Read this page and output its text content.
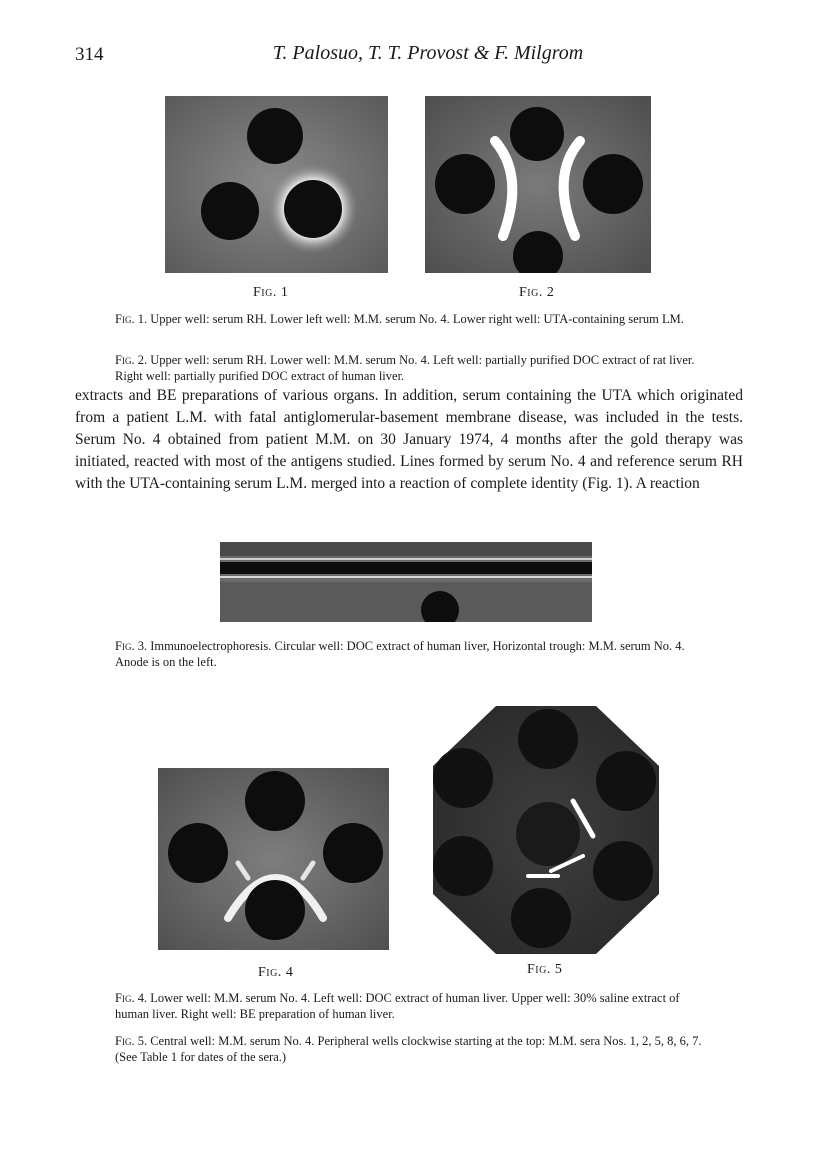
314	T. Palosuo, T. T. Provost & F. Milgrom
Fig. 1	Fig. 2
Fig. 1. Upper well: serum RH. Lower left well: M.M. serum No. 4. Lower right well: UTA-containing serum LM.
Fig. 2. Upper well: serum RH. Lower well: M.M. serum No. 4. Left well: partially purified DOC extract of rat liver. Right well: partially purified DOC extract of human liver.

extracts and BE preparations of various organs. In addition, serum containing the UTA which originated from a patient L.M. with fatal antiglomerular-basement membrane disease, was included in the tests. Serum No. 4 obtained from patient M.M. on 30 January 1974, 4 months after the gold therapy was initiated, reacted with most of the antigens studied. Lines formed by serum No. 4 and reference serum RH with the UTA-containing serum L.M. merged into a reaction of complete identity (Fig. 1). A reaction

Fig. 3. Immunoelectrophoresis. Circular well: DOC extract of human liver, Horizontal trough: M.M. serum No. 4. Anode is on the left.
Fig. 4	Fig. 5
Fig. 4. Lower well: M.M. serum No. 4. Left well: DOC extract of human liver. Upper well: 30% saline extract of human liver. Right well: BE preparation of human liver.
Fig. 5. Central well: M.M. serum No. 4. Peripheral wells clockwise starting at the top: M.M. sera Nos. 1, 2, 5, 8, 6, 7. (See Table 1 for dates of the sera.)
